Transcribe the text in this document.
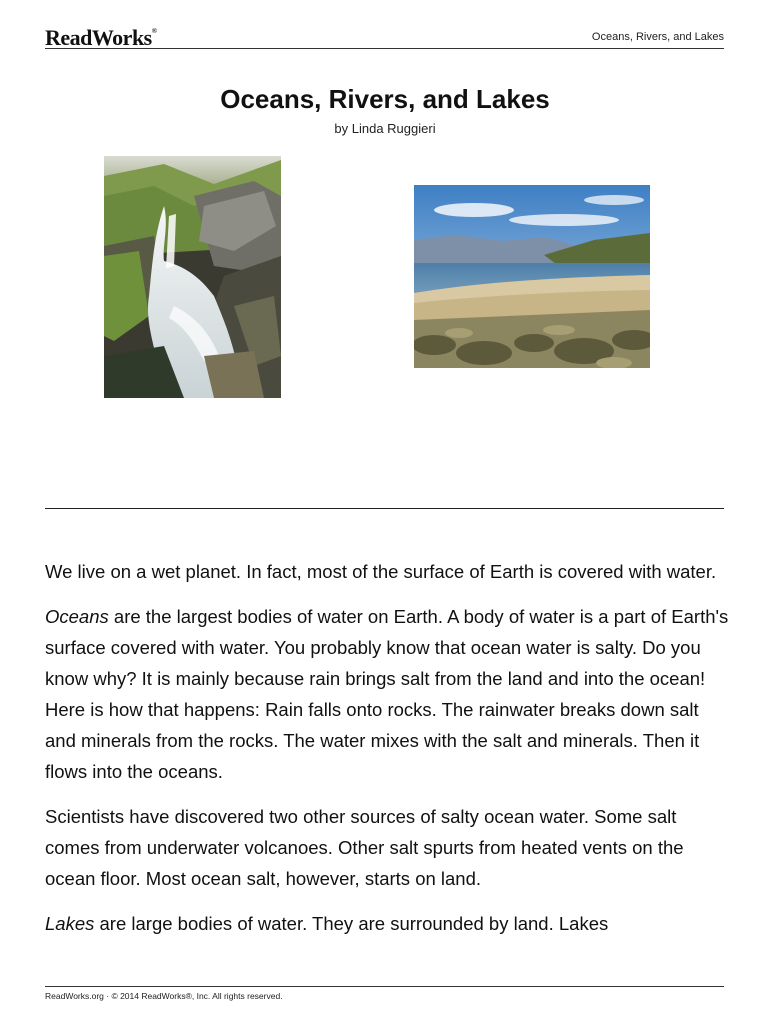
ReadWorks®	Oceans, Rivers, and Lakes
Oceans, Rivers, and Lakes
by Linda Ruggieri

We live on a wet planet. In fact, most of the surface of Earth is covered with water.

Oceans are the largest bodies of water on Earth. A body of water is a part of Earth's surface covered with water. You probably know that ocean water is salty. Do you know why? It is mainly because rain brings salt from the land and into the ocean! Here is how that happens: Rain falls onto rocks. The rainwater breaks down salt and minerals from the rocks. The water mixes with the salt and minerals. Then it flows into the oceans.

Scientists have discovered two other sources of salty ocean water. Some salt comes from underwater volcanoes. Other salt spurts from heated vents on the ocean floor. Most ocean salt, however, starts on land.

Lakes are large bodies of water. They are surrounded by land. Lakes

ReadWorks.org · © 2014 ReadWorks®, Inc. All rights reserved.
